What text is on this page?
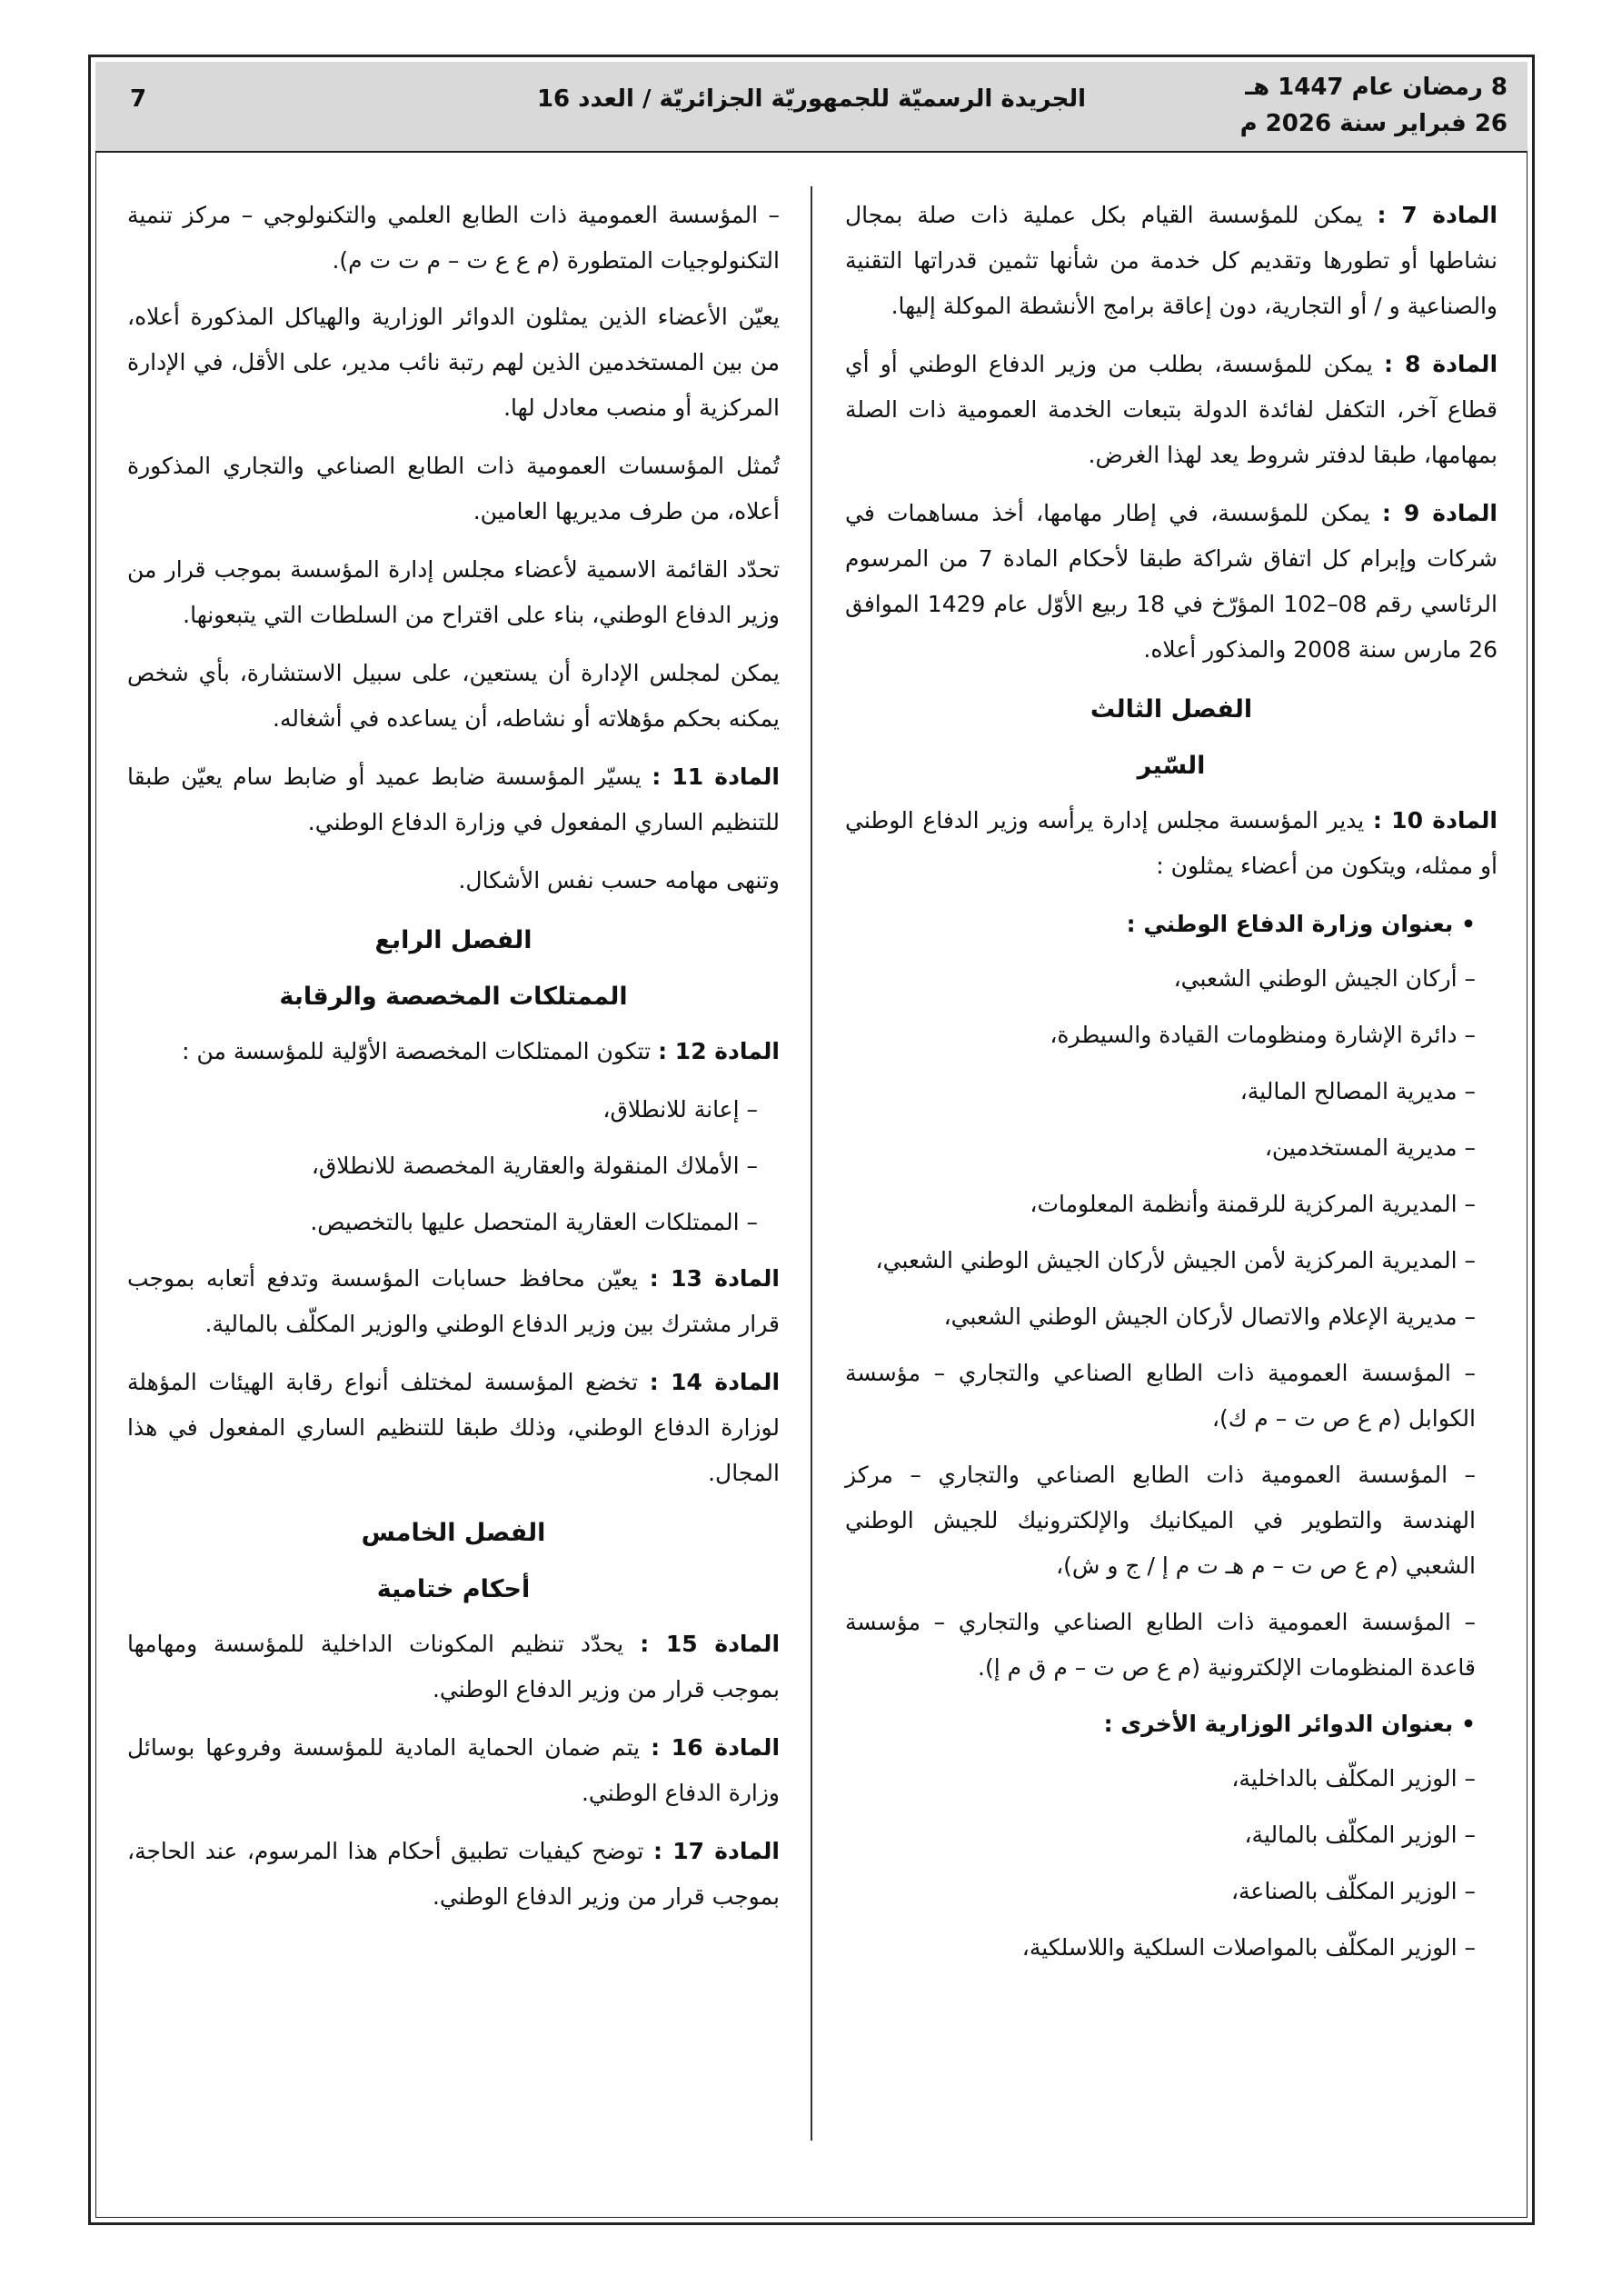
7	الجريدة الرسميّة للجمهوريّة الجزائريّة / العدد 16	8 رمضان عام 1447 هـ
26 فبراير سنة 2026 م

المادة 7 : يمكن للمؤسسة القيام بكل عملية ذات صلة بمجال نشاطها أو تطورها وتقديم كل خدمة من شأنها تثمين قدراتها التقنية والصناعية و / أو التجارية، دون إعاقة برامج الأنشطة الموكلة إليها.

المادة 8 : يمكن للمؤسسة، بطلب من وزير الدفاع الوطني أو أي قطاع آخر، التكفل لفائدة الدولة بتبعات الخدمة العمومية ذات الصلة بمهامها، طبقا لدفتر شروط يعد لهذا الغرض.

المادة 9 : يمكن للمؤسسة، في إطار مهامها، أخذ مساهمات في شركات وإبرام كل اتفاق شراكة طبقا لأحكام المادة 7 من المرسوم الرئاسي رقم 08–102 المؤرّخ في 18 ربيع الأوّل عام 1429 الموافق 26 مارس سنة 2008 والمذكور أعلاه.

الفصل الثالث
السّير

المادة 10 : يدير المؤسسة مجلس إدارة يرأسه وزير الدفاع الوطني أو ممثله، ويتكون من أعضاء يمثلون :

• بعنوان وزارة الدفاع الوطني :
– أركان الجيش الوطني الشعبي،
– دائرة الإشارة ومنظومات القيادة والسيطرة،
– مديرية المصالح المالية،
– مديرية المستخدمين،
– المديرية المركزية للرقمنة وأنظمة المعلومات،
– المديرية المركزية لأمن الجيش لأركان الجيش الوطني الشعبي،
– مديرية الإعلام والاتصال لأركان الجيش الوطني الشعبي،
– المؤسسة العمومية ذات الطابع الصناعي والتجاري – مؤسسة الكوابل (م ع ص ت – م ك)،
– المؤسسة العمومية ذات الطابع الصناعي والتجاري – مركز الهندسة والتطوير في الميكانيك والإلكترونيك للجيش الوطني الشعبي (م ع ص ت – م هـ ت م إ / ج و ش)،
– المؤسسة العمومية ذات الطابع الصناعي والتجاري – مؤسسة قاعدة المنظومات الإلكترونية (م ع ص ت – م ق م إ).
• بعنوان الدوائر الوزارية الأخرى :
– الوزير المكلّف بالداخلية،
– الوزير المكلّف بالمالية،
– الوزير المكلّف بالصناعة،
– الوزير المكلّف بالمواصلات السلكية واللاسلكية،

– المؤسسة العمومية ذات الطابع العلمي والتكنولوجي – مركز تنمية التكنولوجيات المتطورة (م ع ع ت – م ت ت م).

يعيّن الأعضاء الذين يمثلون الدوائر الوزارية والهياكل المذكورة أعلاه، من بين المستخدمين الذين لهم رتبة نائب مدير، على الأقل، في الإدارة المركزية أو منصب معادل لها.

تُمثل المؤسسات العمومية ذات الطابع الصناعي والتجاري المذكورة أعلاه، من طرف مديريها العامين.

تحدّد القائمة الاسمية لأعضاء مجلس إدارة المؤسسة بموجب قرار من وزير الدفاع الوطني، بناء على اقتراح من السلطات التي يتبعونها.

يمكن لمجلس الإدارة أن يستعين، على سبيل الاستشارة، بأي شخص يمكنه بحكم مؤهلاته أو نشاطه، أن يساعده في أشغاله.

المادة 11 : يسيّر المؤسسة ضابط عميد أو ضابط سام يعيّن طبقا للتنظيم الساري المفعول في وزارة الدفاع الوطني.

وتنهى مهامه حسب نفس الأشكال.

الفصل الرابع
الممتلكات المخصصة والرقابة

المادة 12 : تتكون الممتلكات المخصصة الأوّلية للمؤسسة من :

– إعانة للانطلاق،
– الأملاك المنقولة والعقارية المخصصة للانطلاق،
– الممتلكات العقارية المتحصل عليها بالتخصيص.

المادة 13 : يعيّن محافظ حسابات المؤسسة وتدفع أتعابه بموجب قرار مشترك بين وزير الدفاع الوطني والوزير المكلّف بالمالية.

المادة 14 : تخضع المؤسسة لمختلف أنواع رقابة الهيئات المؤهلة لوزارة الدفاع الوطني، وذلك طبقا للتنظيم الساري المفعول في هذا المجال.

الفصل الخامس
أحكام ختامية

المادة 15 : يحدّد تنظيم المكونات الداخلية للمؤسسة ومهامها بموجب قرار من وزير الدفاع الوطني.

المادة 16 : يتم ضمان الحماية المادية للمؤسسة وفروعها بوسائل وزارة الدفاع الوطني.

المادة 17 : توضح كيفيات تطبيق أحكام هذا المرسوم، عند الحاجة، بموجب قرار من وزير الدفاع الوطني.
